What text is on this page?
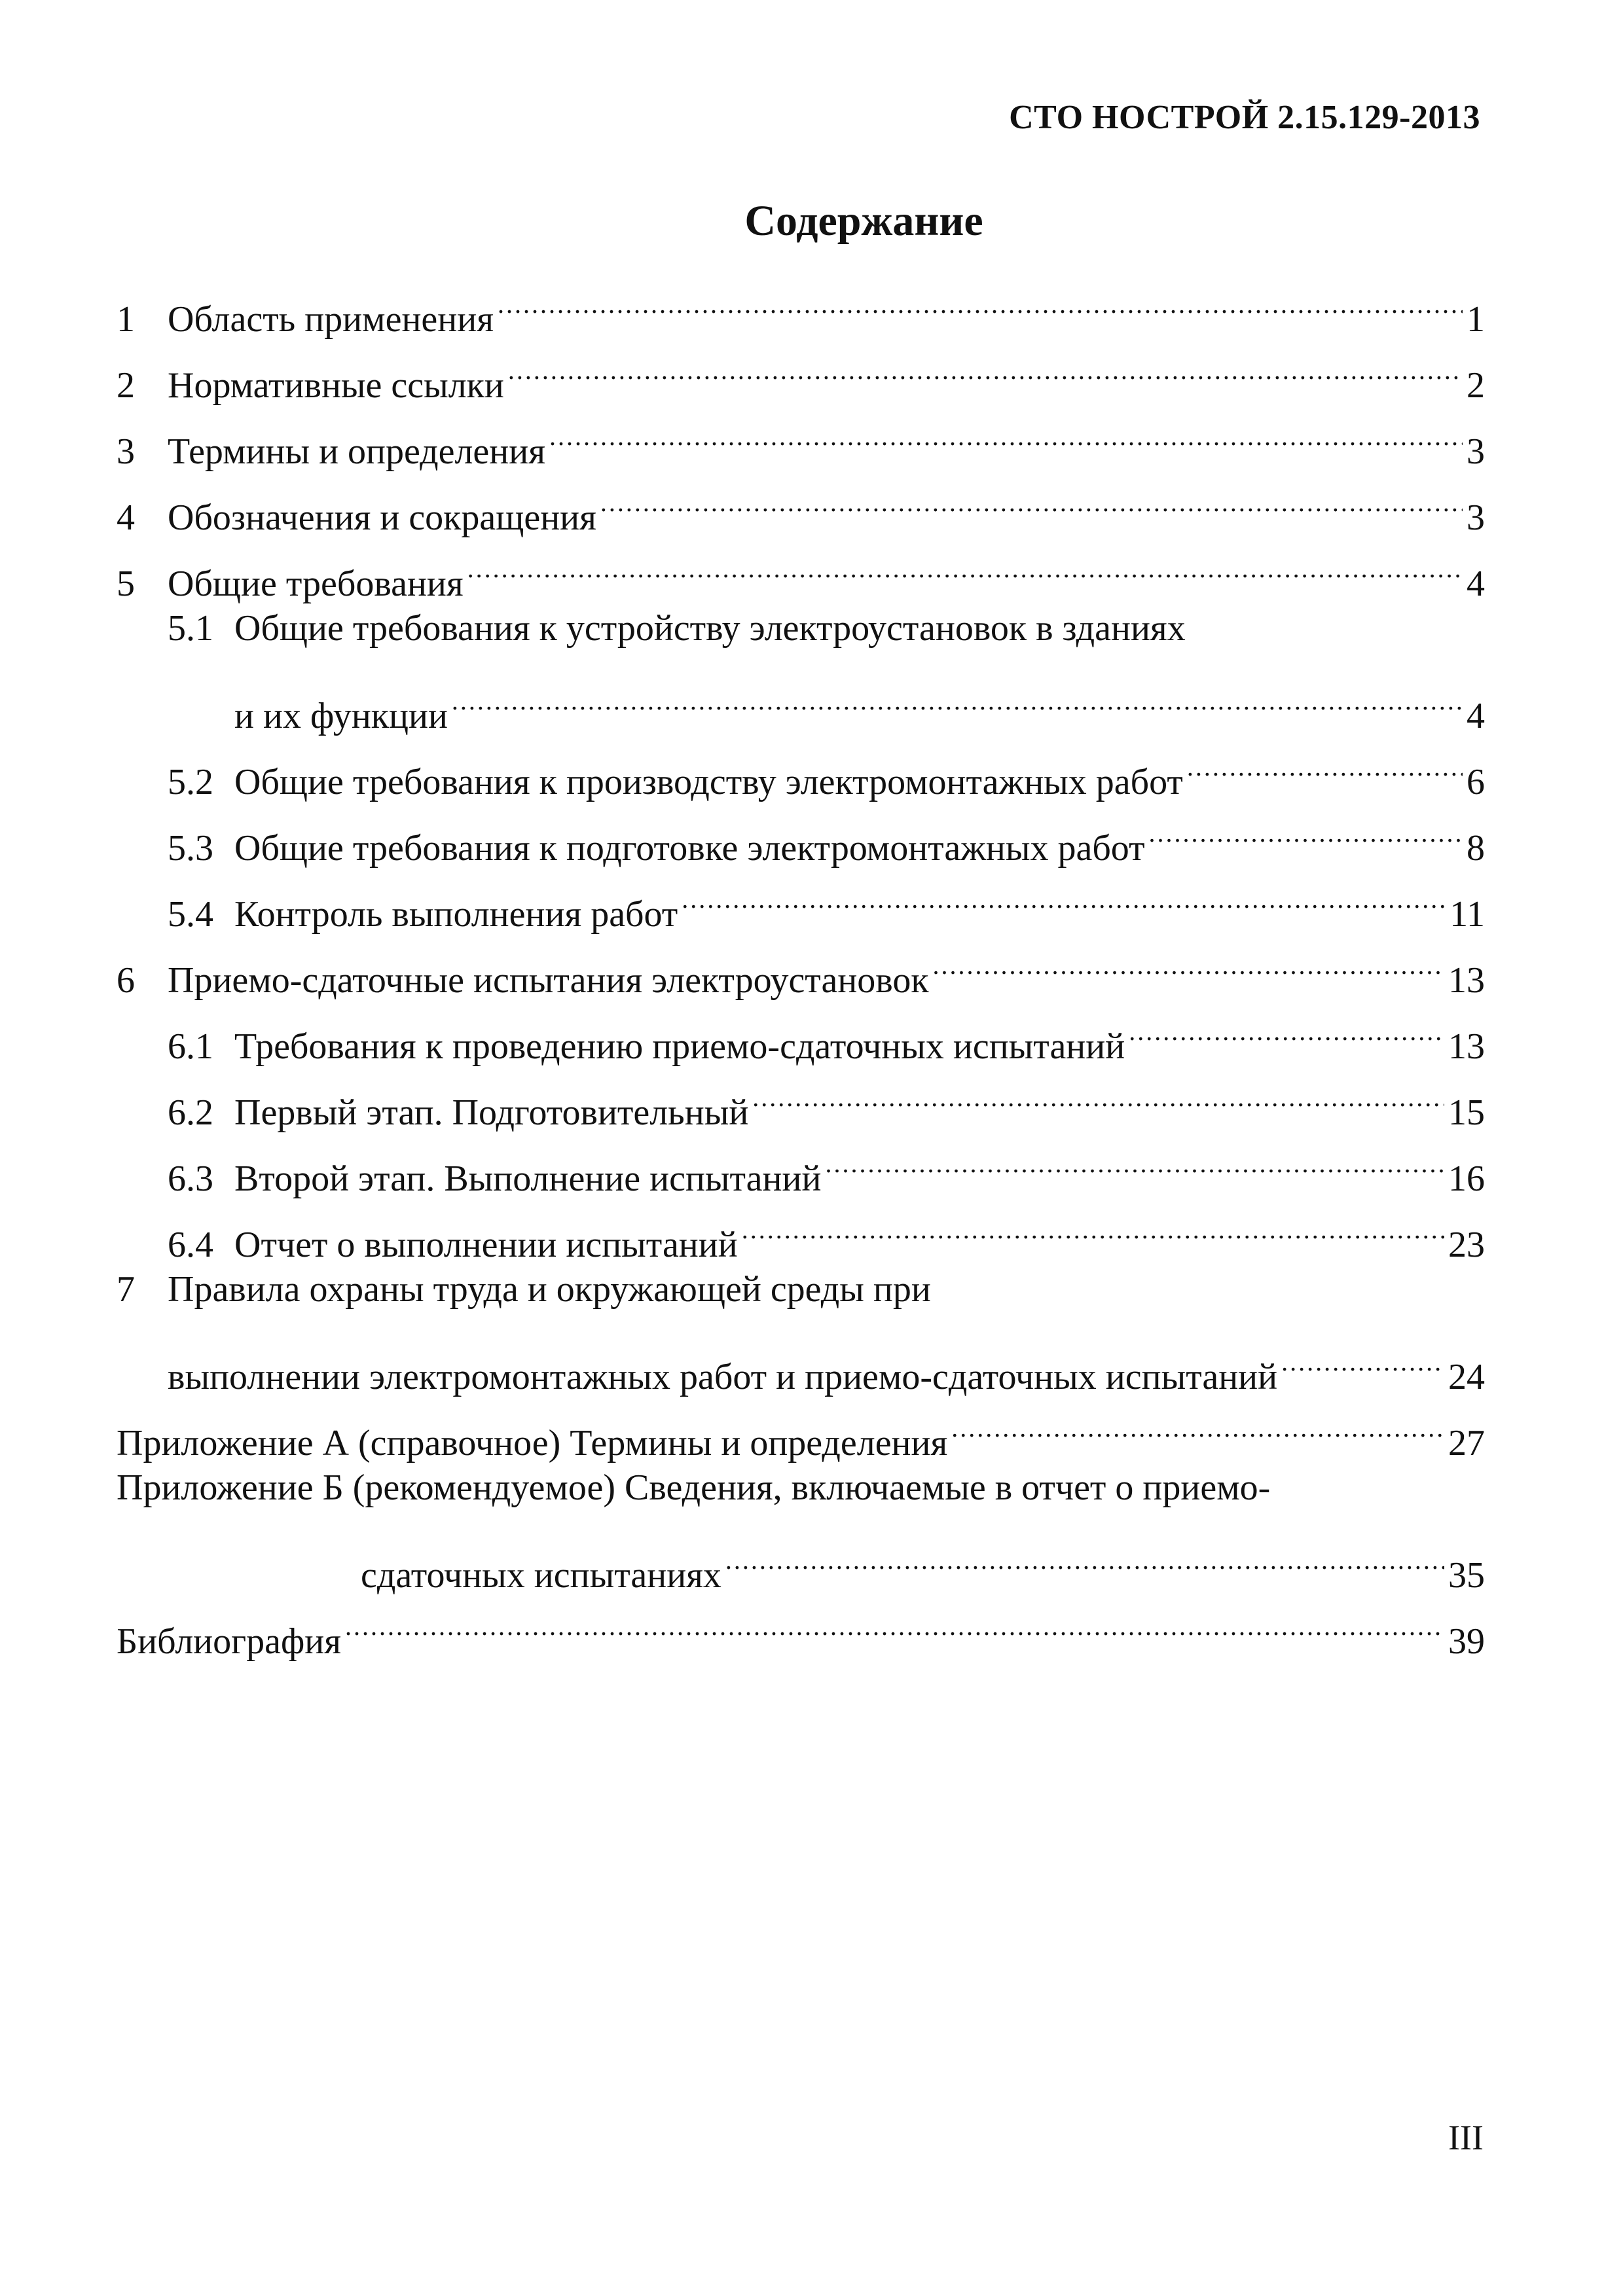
СТО НОСТРОЙ 2.15.129-2013
Содержание
1 Область применения .....	1
2 Нормативные ссылки .....	2
3 Термины и определения .....	3
4 Обозначения и сокращения .....	3
5 Общие требования .....	4
5.1 Общие требования к устройству электроустановок в зданиях
и их функции .....	4
5.2 Общие требования к производству электромонтажных работ .....	6
5.3 Общие требования к подготовке электромонтажных работ .....	8
5.4 Контроль выполнения работ .....	11
6 Приемо-сдаточные испытания электроустановок .....	13
6.1 Требования к проведению приемо-сдаточных испытаний .....	13
6.2 Первый этап. Подготовительный .....	15
6.3 Второй этап. Выполнение испытаний .....	16
6.4 Отчет о выполнении испытаний .....	23
7 Правила охраны труда и окружающей среды при
выполнении электромонтажных работ и приемо-сдаточных испытаний .....	24
Приложение А (справочное) Термины и определения .....	27
Приложение Б (рекомендуемое) Сведения, включаемые в отчет о приемо-
сдаточных испытаниях .....	35
Библиография .....	39
III
